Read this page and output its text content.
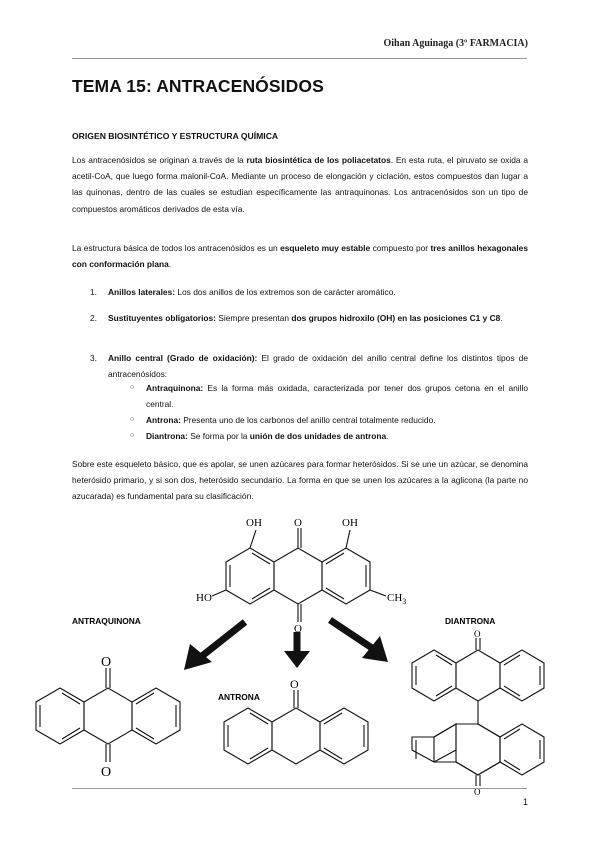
Oihan Aguinaga (3º FARMACIA)
TEMA 15: ANTRACENÓSIDOS
ORIGEN BIOSINTÉTICO Y ESTRUCTURA QUÍMICA

Los antracenósidos se originan a través de la ruta biosintética de los poliacetatos. En esta ruta, el piruvato se oxida a acetil-CoA, que luego forma malonil-CoA. Mediante un proceso de elongación y ciclación, estos compuestos dan lugar a las quinonas, dentro de las cuales se estudian específicamente las antraquinonas. Los antracenósidos son un tipo de compuestos aromáticos derivados de esta vía.

La estructura básica de todos los antracenósidos es un esqueleto muy estable compuesto por tres anillos hexagonales con conformación plana.

1. Anillos laterales: Los dos anillos de los extremos son de carácter aromático.

2. Sustituyentes obligatorios: Siempre presentan dos grupos hidroxilo (OH) en las posiciones C1 y C8.

3. Anillo central (Grado de oxidación): El grado de oxidación del anillo central define los distintos tipos de antracenósidos:

○ Antraquinona: Es la forma más oxidada, caracterizada por tener dos grupos cetona en el anillo central.

○ Antrona: Presenta uno de los carbonos del anillo central totalmente reducido.

○ Diantrona: Se forma por la unión de dos unidades de antrona.

Sobre este esqueleto básico, que es apolar, se unen azúcares para formar heterósidos. Si se une un azúcar, se denomina heterósido primario, y si son dos, heterósido secundario. La forma en que se unen los azúcares a la aglicona (la parte no azucarada) es fundamental para su clasificación.

OH	O	OH
HO	$CH_3$
O
O
O
O
O
O
ANTRAQUINONA
ANTRONA
DIANTRONA
1
